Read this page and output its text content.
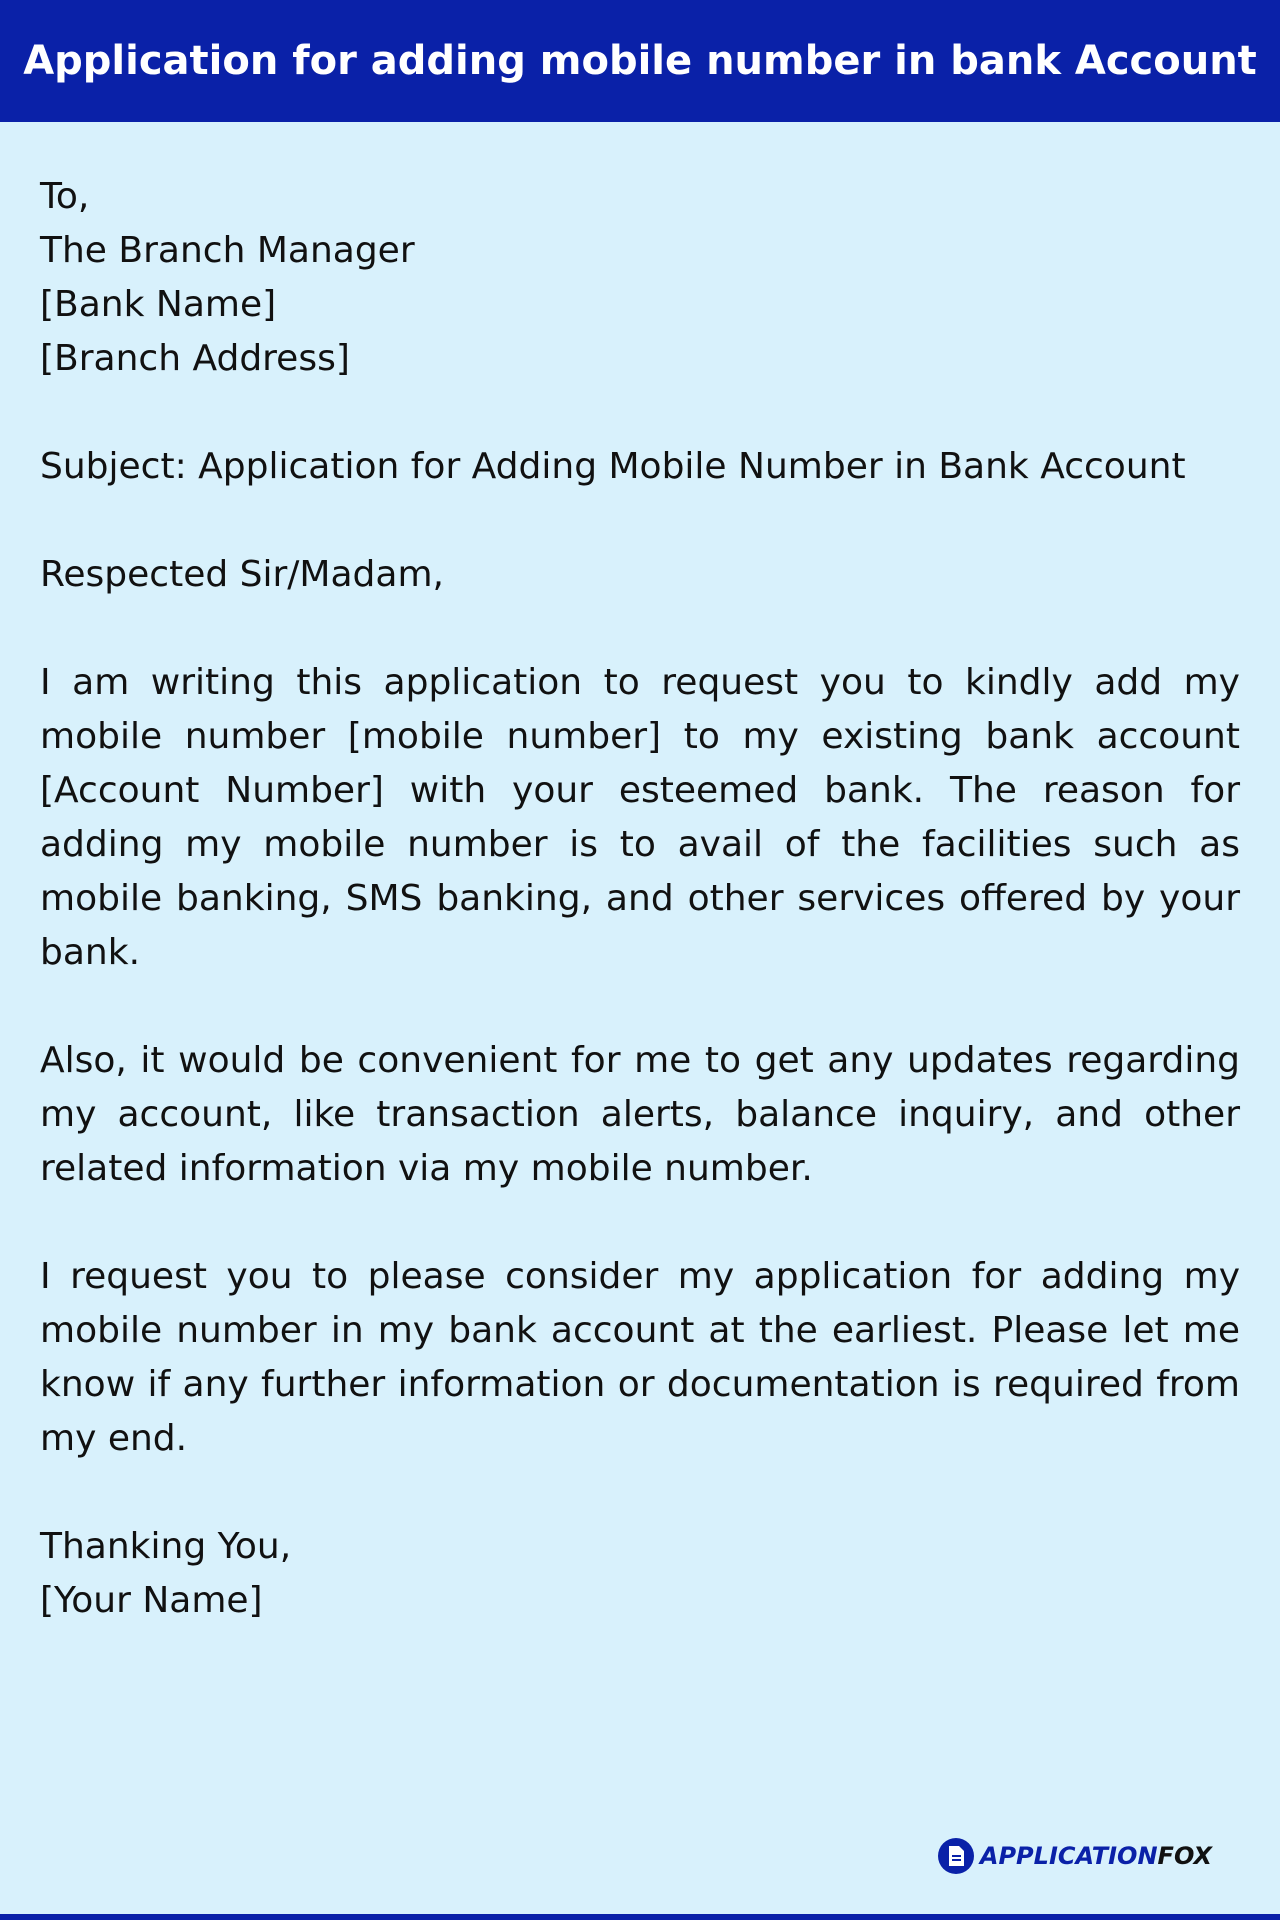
Application for adding mobile number in bank Account
To,
The Branch Manager
[Bank Name]
[Branch Address]

Subject: Application for Adding Mobile Number in Bank Account

Respected Sir/Madam,

I am writing this application to request you to kindly add my mobile number [mobile number] to my existing bank account [Account Number] with your esteemed bank. The reason for adding my mobile number is to avail of the facilities such as mobile banking, SMS banking, and other services offered by your bank.

Also, it would be convenient for me to get any updates regarding my account, like transaction alerts, balance inquiry, and other related information via my mobile number.

I request you to please consider my application for adding my mobile number in my bank account at the earliest. Please let me know if any further information or documentation is required from my end.

Thanking You,
[Your Name]
APPLICATIONFOX
